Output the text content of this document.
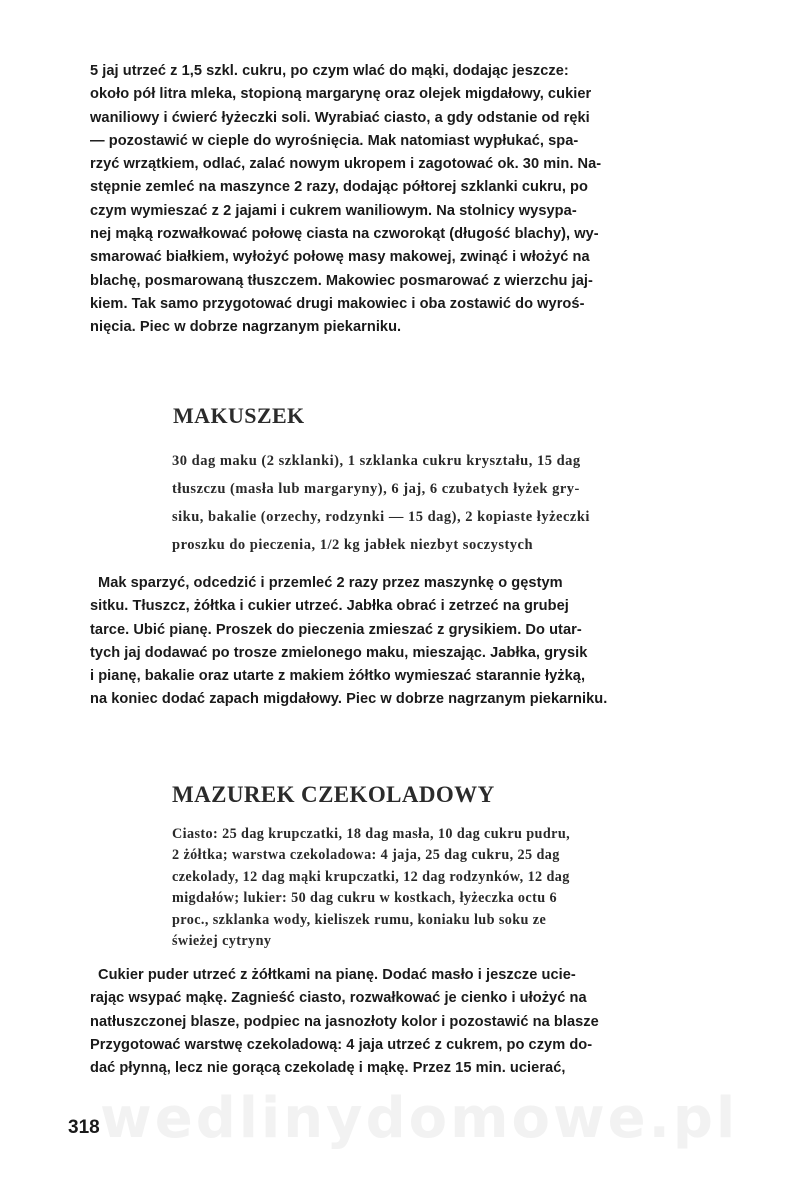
wedlinydomowe.pl
5 jaj utrzeć z 1,5 szkl. cukru, po czym wlać do mąki, dodając jeszcze:
około pół litra mleka, stopioną margarynę oraz olejek migdałowy, cukier
waniliowy i ćwierć łyżeczki soli. Wyrabiać ciasto, a gdy odstanie od ręki
— pozostawić w cieple do wyrośnięcia. Mak natomiast wypłukać, spa-
rzyć wrzątkiem, odlać, zalać nowym ukropem i zagotować ok. 30 min. Na-
stępnie zemleć na maszynce 2 razy, dodając półtorej szklanki cukru, po
czym wymieszać z 2 jajami i cukrem waniliowym. Na stolnicy wysypa-
nej mąką rozwałkować połowę ciasta na czworokąt (długość blachy), wy-
smarować białkiem, wyłożyć połowę masy makowej, zwinąć i włożyć na
blachę, posmarowaną tłuszczem. Makowiec posmarować z wierzchu jaj-
kiem. Tak samo przygotować drugi makowiec i oba zostawić do wyroś-
nięcia. Piec w dobrze nagrzanym piekarniku.
MAKUSZEK
30 dag maku (2 szklanki), 1 szklanka cukru kryształu, 15 dag
tłuszczu (masła lub margaryny), 6 jaj, 6 czubatych łyżek gry-
siku, bakalie (orzechy, rodzynki — 15 dag), 2 kopiaste łyżeczki
proszku do pieczenia, 1/2 kg jabłek niezbyt soczystych
Mak sparzyć, odcedzić i przemleć 2 razy przez maszynkę o gęstym
sitku. Tłuszcz, żółtka i cukier utrzeć. Jabłka obrać i zetrzeć na grubej
tarce. Ubić pianę. Proszek do pieczenia zmieszać z grysikiem. Do utar-
tych jaj dodawać po trosze zmielonego maku, mieszając. Jabłka, grysik
i pianę, bakalie oraz utarte z makiem żółtko wymieszać starannie łyżką,
na koniec dodać zapach migdałowy. Piec w dobrze nagrzanym piekarniku.
MAZUREK CZEKOLADOWY
Ciasto: 25 dag krupczatki, 18 dag masła, 10 dag cukru pudru,
2 żółtka; warstwa czekoladowa: 4 jaja, 25 dag cukru, 25 dag
czekolady, 12 dag mąki krupczatki, 12 dag rodzynków, 12 dag
migdałów; lukier: 50 dag cukru w kostkach, łyżeczka octu 6
proc., szklanka wody, kieliszek rumu, koniaku lub soku ze
świeżej cytryny
Cukier puder utrzeć z żółtkami na pianę. Dodać masło i jeszcze ucie-
rając wsypać mąkę. Zagnieść ciasto, rozwałkować je cienko i ułożyć na
natłuszczonej blasze, podpiec na jasnozłoty kolor i pozostawić na blasze
Przygotować warstwę czekoladową: 4 jaja utrzeć z cukrem, po czym do-
dać płynną, lecz nie gorącą czekoladę i mąkę. Przez 15 min. ucierać,
318
